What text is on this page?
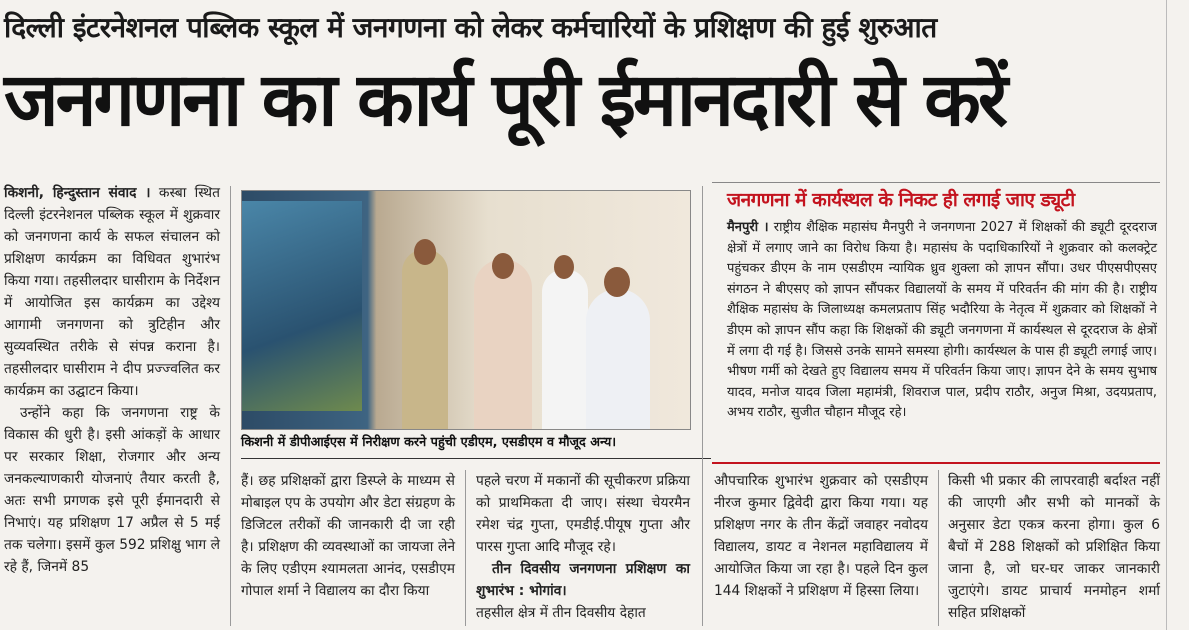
दिल्ली इंटरनेशनल पब्लिक स्कूल में जनगणना को लेकर कर्मचारियों के प्रशिक्षण की हुई शुरुआत
जनगणना का कार्य पूरी ईमानदारी से करें

किशनी, हिन्दुस्तान संवाद । कस्बा स्थित दिल्ली इंटरनेशनल पब्लिक स्कूल में शुक्रवार को जनगणना कार्य के सफल संचालन को प्रशिक्षण कार्यक्रम का विधिवत शुभारंभ किया गया। तहसीलदार घासीराम के निर्देशन में आयोजित इस कार्यक्रम का उद्देश्य आगामी जनगणना को त्रुटिहीन और सुव्यवस्थित तरीके से संपन्न कराना है। तहसीलदार घासीराम ने दीप प्रज्ज्वलित कर कार्यक्रम का उद्घाटन किया।

उन्होंने कहा कि जनगणना राष्ट्र के विकास की धुरी है। इसी आंकड़ों के आधार पर सरकार शिक्षा, रोजगार और अन्य जनकल्याणकारी योजनाएं तैयार करती है, अतः सभी प्रगणक इसे पूरी ईमानदारी से निभाएं। यह प्रशिक्षण 17 अप्रैल से 5 मई तक चलेगा। इसमें कुल 592 प्रशिक्षु भाग ले रहे हैं, जिनमें 85

किशनी में डीपीआईएस में निरीक्षण करने पहुंची एडीएम, एसडीएम व मौजूद अन्य।

हैं। छह प्रशिक्षकों द्वारा डिस्प्ले के माध्यम से मोबाइल एप के उपयोग और डेटा संग्रहण के डिजिटल तरीकों की जानकारी दी जा रही है। प्रशिक्षण की व्यवस्थाओं का जायजा लेने के लिए एडीएम श्यामलता आनंद, एसडीएम गोपाल शर्मा ने विद्यालय का दौरा किया

पहले चरण में मकानों की सूचीकरण प्रक्रिया को प्राथमिकता दी जाए। संस्था चेयरमैन रमेश चंद्र गुप्ता, एमडीई.पीयूष गुप्ता और पारस गुप्ता आदि मौजूद रहे।

तीन दिवसीय जनगणना प्रशिक्षण का शुभारंभ : भोगांव।

तहसील क्षेत्र में तीन दिवसीय देहात

जनगणना में कार्यस्थल के निकट ही लगाई जाए ड्यूटी
मैनपुरी । राष्ट्रीय शैक्षिक महासंघ मैनपुरी ने जनगणना 2027 में शिक्षकों की ड्यूटी दूरदराज क्षेत्रों में लगाए जाने का विरोध किया है। महासंघ के पदाधिकारियों ने शुक्रवार को कलक्ट्रेट पहुंचकर डीएम के नाम एसडीएम न्यायिक ध्रुव शुक्ला को ज्ञापन सौंपा। उधर पीएसपीएसए संगठन ने बीएसए को ज्ञापन सौंपकर विद्यालयों के समय में परिवर्तन की मांग की है। राष्ट्रीय शैक्षिक महासंघ के जिलाध्यक्ष कमलप्रताप सिंह भदौरिया के नेतृत्व में शुक्रवार को शिक्षकों ने डीएम को ज्ञापन सौंप कहा कि शिक्षकों की ड्यूटी जनगणना में कार्यस्थल से दूरदराज के क्षेत्रों में लगा दी गई है। जिससे उनके सामने समस्या होगी। कार्यस्थल के पास ही ड्यूटी लगाई जाए। भीषण गर्मी को देखते हुए विद्यालय समय में परिवर्तन किया जाए। ज्ञापन देने के समय सुभाष यादव, मनोज यादव जिला महामंत्री, शिवराज पाल, प्रदीप राठौर, अनुज मिश्रा, उदयप्रताप, अभय राठौर, सुजीत चौहान मौजूद रहे।

औपचारिक शुभारंभ शुक्रवार को एसडीएम नीरज कुमार द्विवेदी द्वारा किया गया। यह प्रशिक्षण नगर के तीन केंद्रों जवाहर नवोदय विद्यालय, डायट व नेशनल महाविद्यालय में आयोजित किया जा रहा है। पहले दिन कुल 144 शिक्षकों ने प्रशिक्षण में हिस्सा लिया।

किसी भी प्रकार की लापरवाही बर्दाश्त नहीं की जाएगी और सभी को मानकों के अनुसार डेटा एकत्र करना होगा। कुल 6 बैचों में 288 शिक्षकों को प्रशिक्षित किया जाना है, जो घर-घर जाकर जानकारी जुटाएंगे। डायट प्राचार्य मनमोहन शर्मा सहित प्रशिक्षकों
